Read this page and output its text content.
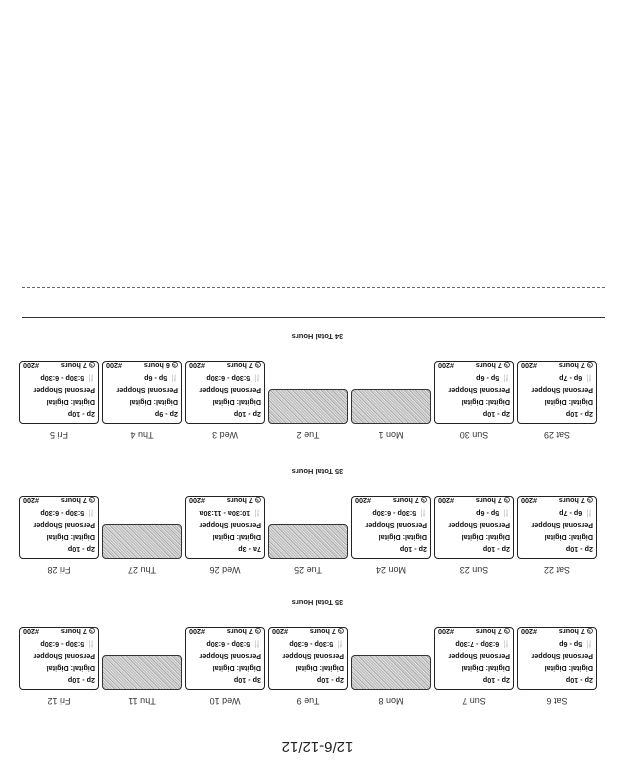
12/6-12/12
Sat 6
2p - 10p
Digital: Digital
Personal Shopper
🍴5p - 6p
◷7 hours
#200
Sun 7
2p - 10p
Digital: Digital
Personal Shopper
🍴6:30p - 7:30p
◷7 hours
#200
Mon 8
Tue 9
2p - 10p
Digital: Digital
Personal Shopper
🍴5:30p - 6:30p
◷7 hours
#200
Wed 10
3p - 10p
Digital: Digital
Personal Shopper
🍴5:30p - 6:30p
◷7 hours
#200
Thu 11
Fri 12
2p - 10p
Digital: Digital
Personal Shopper
🍴5:30p - 6:30p
◷7 hours
#200
35 Total Hours
Sat 22
2p - 10p
Digital: Digital
Personal Shopper
🍴6p - 7p
◷7 hours
#200
Sun 23
2p - 10p
Digital: Digital
Personal Shopper
🍴5p - 6p
◷7 hours
#200
Mon 24
2p - 10p
Digital: Digital
Personal Shopper
🍴5:30p - 6:30p
◷7 hours
#200
Tue 25
Wed 26
7a - 3p
Digital: Digital
Personal Shopper
🍴10:30a - 11:30a
◷7 hours
#200
Thu 27
Fri 28
2p - 10p
Digital: Digital
Personal Shopper
🍴5:30p - 6:30p
◷7 hours
#200
35 Total Hours
Sat 29
2p - 10p
Digital: Digital
Personal Shopper
🍴6p - 7p
◷7 hours
#200
Sun 30
2p - 10p
Digital: Digital
Personal Shopper
🍴5p - 6p
◷7 hours
#200
Mon 1
Tue 2
Wed 3
2p - 10p
Digital: Digital
Personal Shopper
🍴5:30p - 6:30p
◷7 hours
#200
Thu 4
2p - 9p
Digital: Digital
Personal Shopper
🍴5p - 6p
◷6 hours
#200
Fri 5
2p - 10p
Digital: Digital
Personal Shopper
🍴5:30p - 6:30p
◷7 hours
#200
34 Total Hours
